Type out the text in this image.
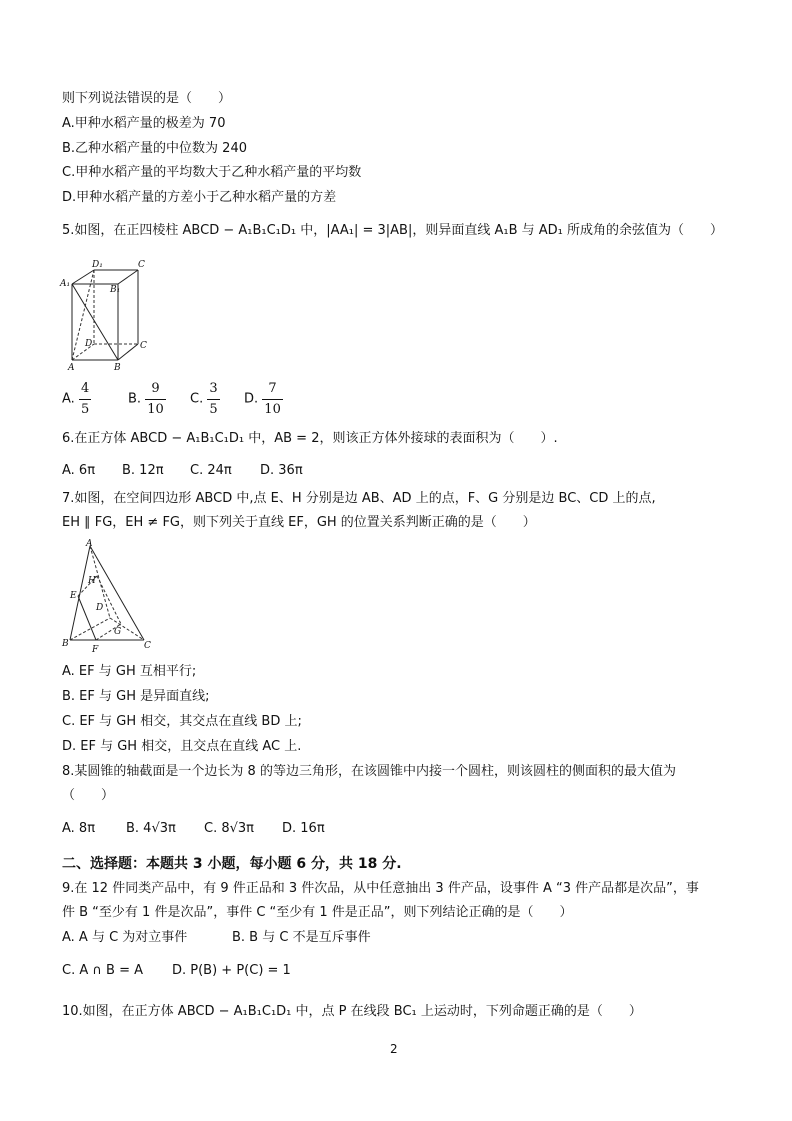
则下列说法错误的是（　　）
A.甲种水稻产量的极差为 70
B.乙种水稻产量的中位数为 240
C.甲种水稻产量的平均数大于乙种水稻产量的平均数
D.甲种水稻产量的方差小于乙种水稻产量的方差
5.如图，在正四棱柱 ABCD − A₁B₁C₁D₁ 中，|AA₁| = 3|AB|，则异面直线 A₁B 与 AD₁ 所成角的余弦值为（　　）
D₁	C
A₁
B₁
D	C
A	B
A. $\frac{4}{5}$	B. $\frac{9}{10} C$. $\frac{3}{5} D$. $\frac{7}{10}$
6.在正方体 ABCD − A₁B₁C₁D₁ 中，AB = 2，则该正方体外接球的表面积为（　　）.
A. 6π B. 12π C. 24π D. 36π
7.如图，在空间四边形 ABCD 中,点 E、H 分别是边 AB、AD 上的点，F、G 分别是边 BC、CD 上的点,
EH ∥ FG，EH ≠ FG，则下列关于直线 EF，GH 的位置关系判断正确的是（　　）
A
H
E
D
G
B
F	C
A. EF 与 GH 互相平行;
B. EF 与 GH 是异面直线;
C. EF 与 GH 相交，其交点在直线 BD 上;
D. EF 与 GH 相交，且交点在直线 AC 上.
8.某圆锥的轴截面是一个边长为 8 的等边三角形，在该圆锥中内接一个圆柱，则该圆柱的侧面积的最大值为
（　　）
A. 8π B. 4√3π C. 8√3π D. 16π
二、选择题：本题共 3 小题，每小题 6 分，共 18 分.
9.在 12 件同类产品中，有 9 件正品和 3 件次品，从中任意抽出 3 件产品，设事件 A “3 件产品都是次品”，事
件 B “至少有 1 件是次品”，事件 C “至少有 1 件是正品”，则下列结论正确的是（　　）
A. A 与 C 为对立事件	B. B 与 C 不是互斥事件
C. A ∩ B = A D. P(B) + P(C) = 1
10.如图，在正方体 ABCD − A₁B₁C₁D₁ 中，点 P 在线段 BC₁ 上运动时，下列命题正确的是（　　）
2
